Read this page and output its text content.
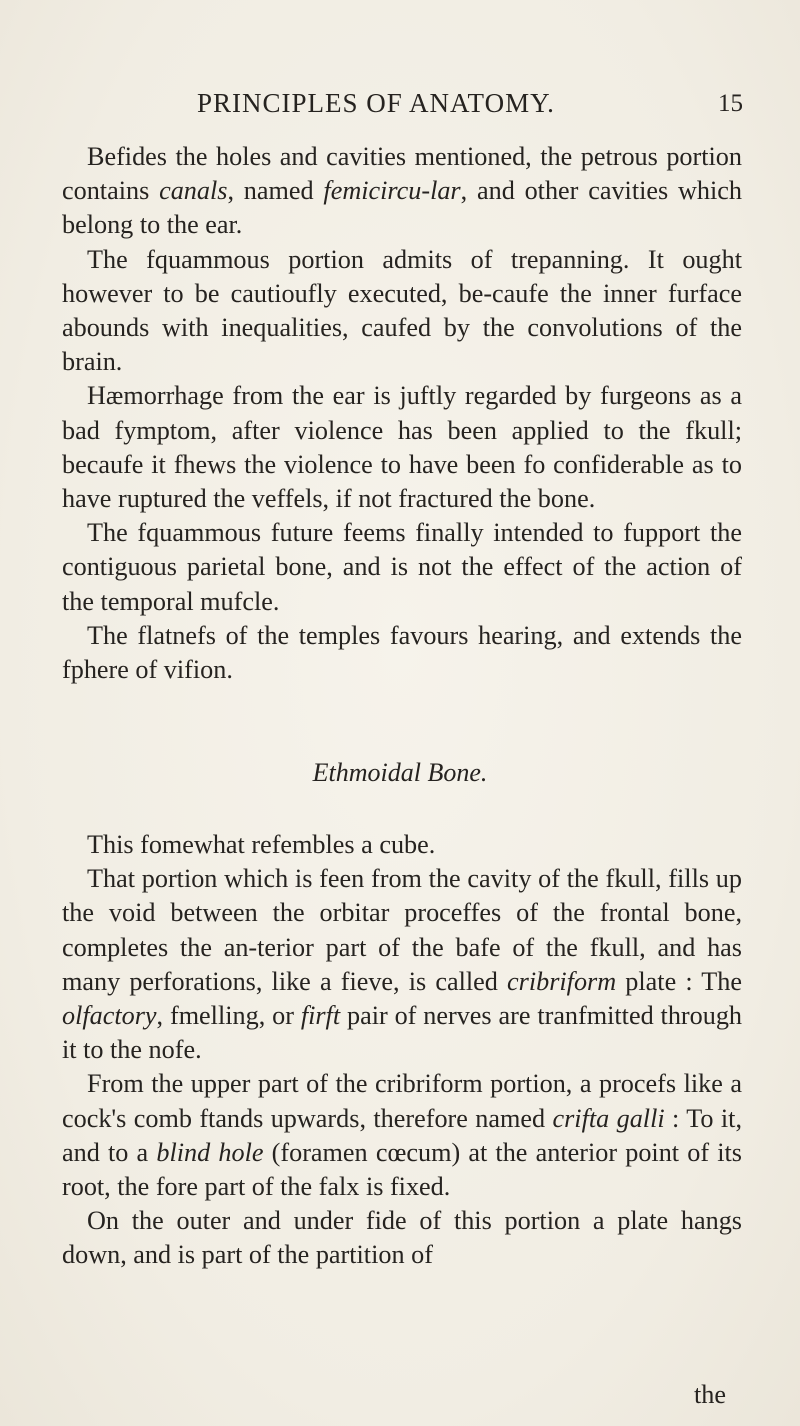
PRINCIPLES OF ANATOMY.	15

Befides the holes and cavities mentioned, the petrous portion contains canals, named femicircu-lar, and other cavities which belong to the ear.

The fquammous portion admits of trepanning. It ought however to be cautioufly executed, be-caufe the inner furface abounds with inequalities, caufed by the convolutions of the brain.

Hæmorrhage from the ear is juftly regarded by furgeons as a bad fymptom, after violence has been applied to the fkull; becaufe it fhews the violence to have been fo confiderable as to have ruptured the veffels, if not fractured the bone.

The fquammous future feems finally intended to fupport the contiguous parietal bone, and is not the effect of the action of the temporal mufcle.

The flatnefs of the temples favours hearing, and extends the fphere of vifion.

Ethmoidal Bone.

This fomewhat refembles a cube.

That portion which is feen from the cavity of the fkull, fills up the void between the orbitar proceffes of the frontal bone, completes the an-terior part of the bafe of the fkull, and has many perforations, like a fieve, is called cribriform plate : The olfactory, fmelling, or firft pair of nerves are tranfmitted through it to the nofe.

From the upper part of the cribriform portion, a procefs like a cock's comb ftands upwards, therefore named crifta galli : To it, and to a blind hole (foramen cœcum) at the anterior point of its root, the fore part of the falx is fixed.

On the outer and under fide of this portion a plate hangs down, and is part of the partition of

the
